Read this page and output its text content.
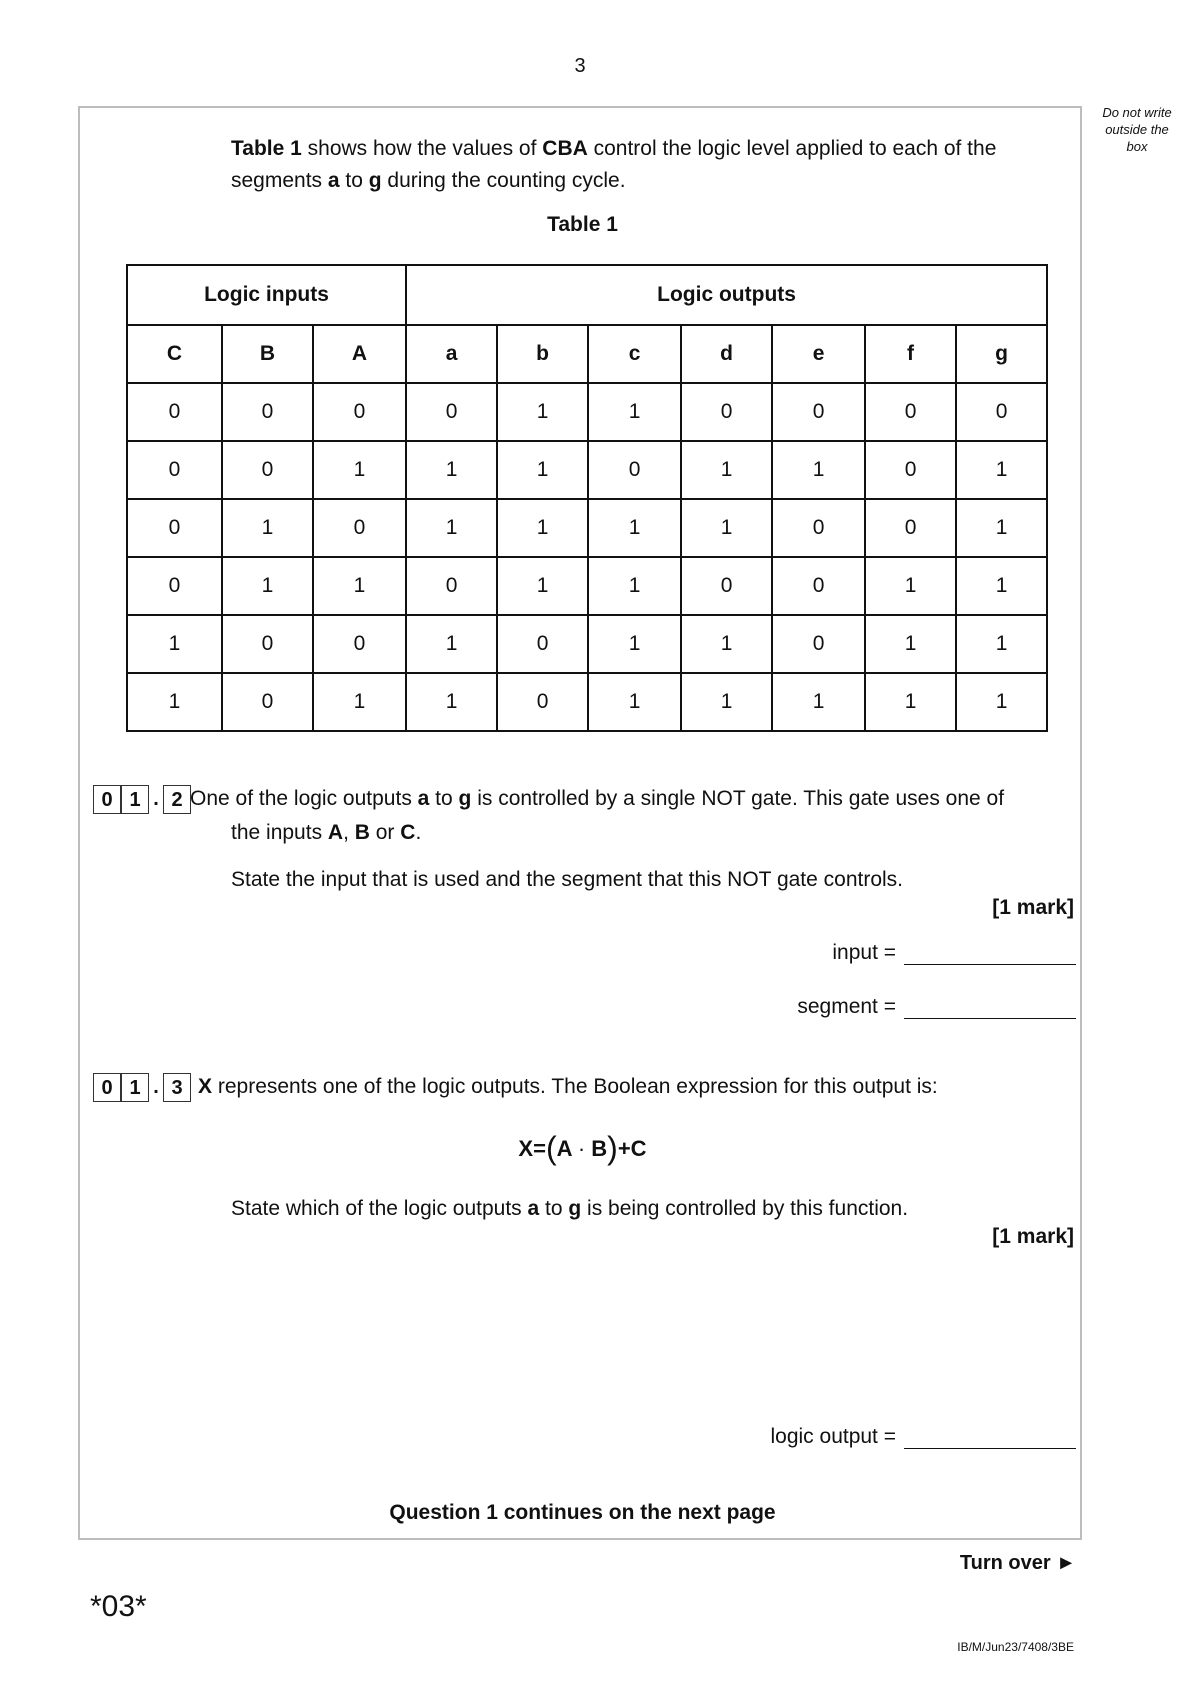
3
Do not write
outside the
box
Table 1 shows how the values of CBA control the logic level applied to each of the
segments a to g during the counting cycle.
Table 1
Logic inputs			Logic outputs						
C	B	A	a	b	c	d	e	f	g
0	0	0	0	1	1	0	0	0	0
0	0	1	1	1	0	1	1	0	1
0	1	0	1	1	1	1	0	0	1
0	1	1	0	1	1	0	0	1	1
1	0	0	1	0	1	1	0	1	1
1	0	1	1	0	1	1	1	1	1
0 1 . 2 One of the logic outputs a to g is controlled by a single NOT gate. This gate uses one of
the inputs A, B or C.
State the input that is used and the segment that this NOT gate controls.
[1 mark]
input =
segment =
0 1 . 3 X represents one of the logic outputs. The Boolean expression for this output is:
X=(A · B)+C
State which of the logic outputs a to g is being controlled by this function.
[1 mark]
logic output =
Question 1 continues on the next page
Turn over ►
*03*
IB/M/Jun23/7408/3BE
